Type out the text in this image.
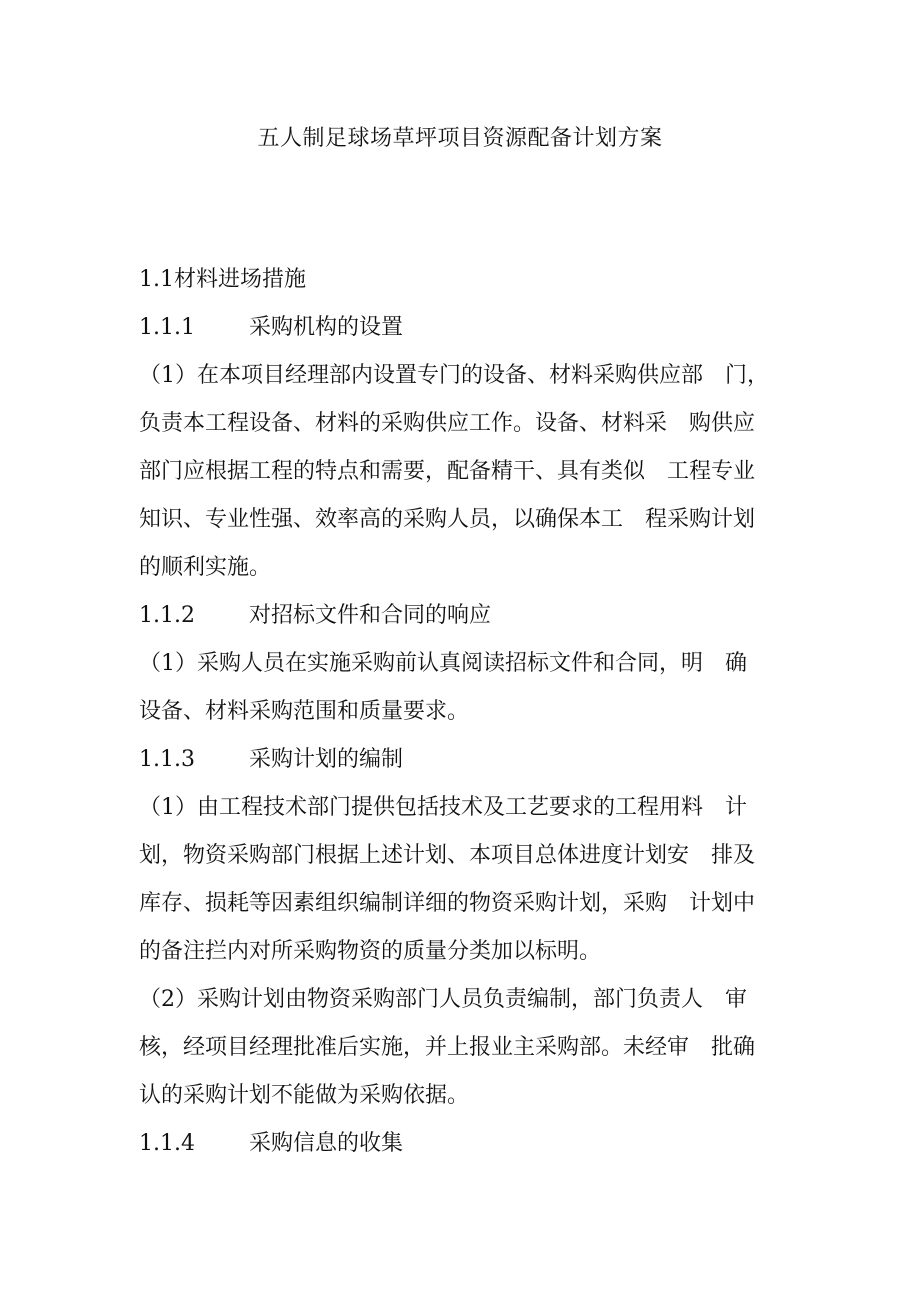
五人制足球场草坪项目资源配备计划方案
1.1材料进场措施
1.1.1 采购机构的设置
（1）在本项目经理部内设置专门的设备、材料采购供应部　门，
负责本工程设备、材料的采购供应工作。设备、材料采　购供应
部门应根据工程的特点和需要，配备精干、具有类似　工程专业
知识、专业性强、效率高的采购人员，以确保本工　程采购计划
的顺利实施。
1.1.2 对招标文件和合同的响应
（1）采购人员在实施采购前认真阅读招标文件和合同，明　确
设备、材料采购范围和质量要求。
1.1.3 采购计划的编制
（1）由工程技术部门提供包括技术及工艺要求的工程用料　计
划，物资采购部门根据上述计划、本项目总体进度计划安　排及
库存、损耗等因素组织编制详细的物资采购计划，采购　计划中
的备注拦内对所采购物资的质量分类加以标明。
（2）采购计划由物资采购部门人员负责编制，部门负责人　审
核，经项目经理批准后实施，并上报业主采购部。未经审　批确
认的采购计划不能做为采购依据。
1.1.4 采购信息的收集
